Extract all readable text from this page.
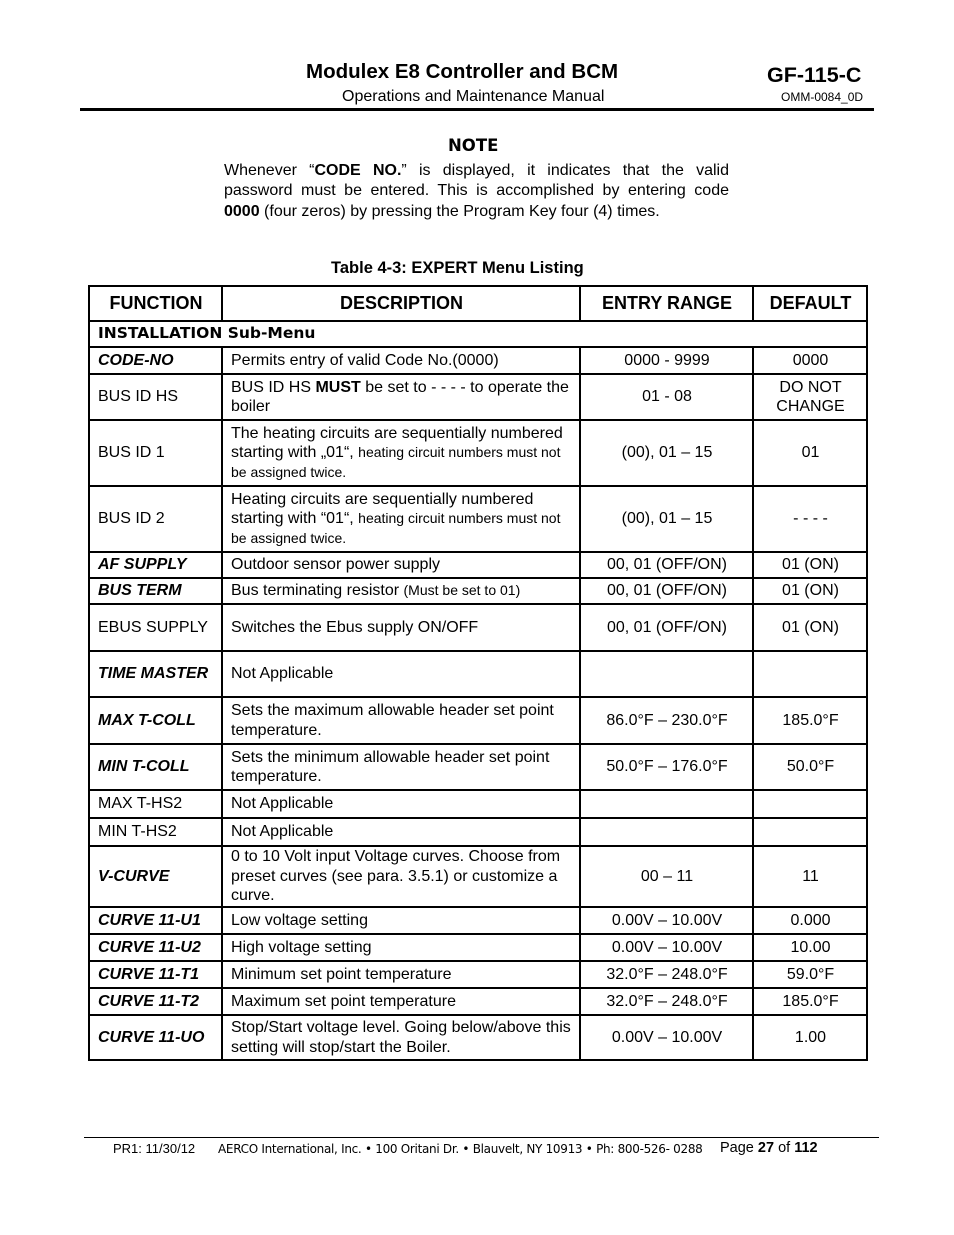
Modulex E8 Controller and BCM
Operations and Maintenance Manual
GF-115-C
OMM-0084_0D
NOTE
Whenever “CODE NO.” is displayed, it indicates that the valid password must be entered. This is accomplished by entering code 0000 (four zeros) by pressing the Program Key four (4) times.
Table 4-3: EXPERT Menu Listing
FUNCTION	DESCRIPTION	ENTRY RANGE	DEFAULT
INSTALLATION Sub-Menu			
CODE-NO	Permits entry of valid Code No.(0000)	0000 - 9999	0000
BUS ID HS	BUS ID HS MUST be set to - - - - to operate the boiler	01 - 08	DO NOT CHANGE
BUS ID 1	The heating circuits are sequentially numbered starting with „01“, heating circuit numbers must not be assigned twice.	(00), 01 – 15	01
BUS ID 2	Heating circuits are sequentially numbered starting with “01“, heating circuit numbers must not be assigned twice.	(00), 01 – 15	- - - -
AF SUPPLY	Outdoor sensor power supply	00, 01 (OFF/ON)	01 (ON)
BUS TERM	Bus terminating resistor (Must be set to 01)	00, 01 (OFF/ON)	01 (ON)
EBUS SUPPLY	Switches the Ebus supply ON/OFF	00, 01 (OFF/ON)	01 (ON)
TIME MASTER	Not Applicable		
MAX T-COLL	Sets the maximum allowable header set point temperature.	86.0°F – 230.0°F	185.0°F
MIN T-COLL	Sets the minimum allowable header set point temperature.	50.0°F – 176.0°F	50.0°F
MAX T-HS2	Not Applicable		
MIN T-HS2	Not Applicable		
V-CURVE	0 to 10 Volt input Voltage curves. Choose from preset curves (see para. 3.5.1) or customize a curve.	00 – 11	11
CURVE 11-U1	Low voltage setting	0.00V – 10.00V	0.000
CURVE 11-U2	High voltage setting	0.00V – 10.00V	10.00
CURVE 11-T1	Minimum set point temperature	32.0°F – 248.0°F	59.0°F
CURVE 11-T2	Maximum set point temperature	32.0°F – 248.0°F	185.0°F
CURVE 11-UO	Stop/Start voltage level. Going below/above this setting will stop/start the Boiler.	0.00V – 10.00V	1.00
PR1: 11/30/12 AERCO International, Inc. • 100 Oritani Dr. • Blauvelt, NY 10913 • Ph: 800-526- 0288 Page 27 of 112
